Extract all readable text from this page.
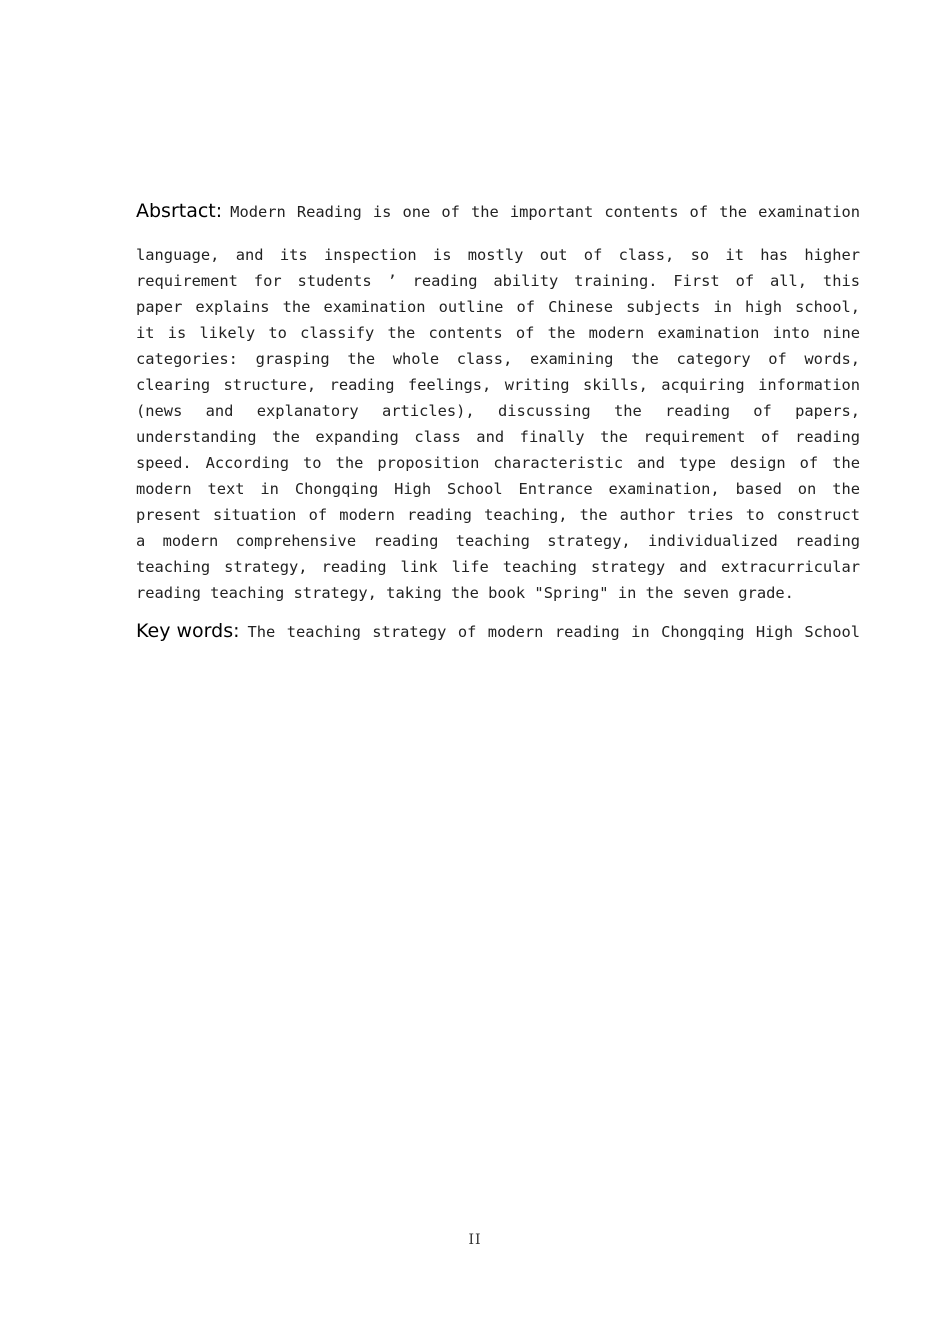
Absrtact: Modern Reading is one of the important contents of the examination
language, and its inspection is mostly out of class, so it has higher
requirement for students ’ reading ability training. First of all, this
paper explains the examination outline of Chinese subjects in high school,
it is likely to classify the contents of the modern examination into nine
categories: grasping the whole class, examining the category of words,
clearing structure, reading feelings, writing skills, acquiring information
(news and explanatory articles), discussing the reading of papers,
understanding the expanding class and finally the requirement of reading
speed. According to the proposition characteristic and type design of the
modern text in Chongqing High School Entrance examination, based on the
present situation of modern reading teaching, the author tries to construct
a modern comprehensive reading teaching strategy, individualized reading
teaching strategy, reading link life teaching strategy and extracurricular
reading teaching strategy, taking the book "Spring" in the seven grade.
Key words: The teaching strategy of modern reading in Chongqing High School
II
